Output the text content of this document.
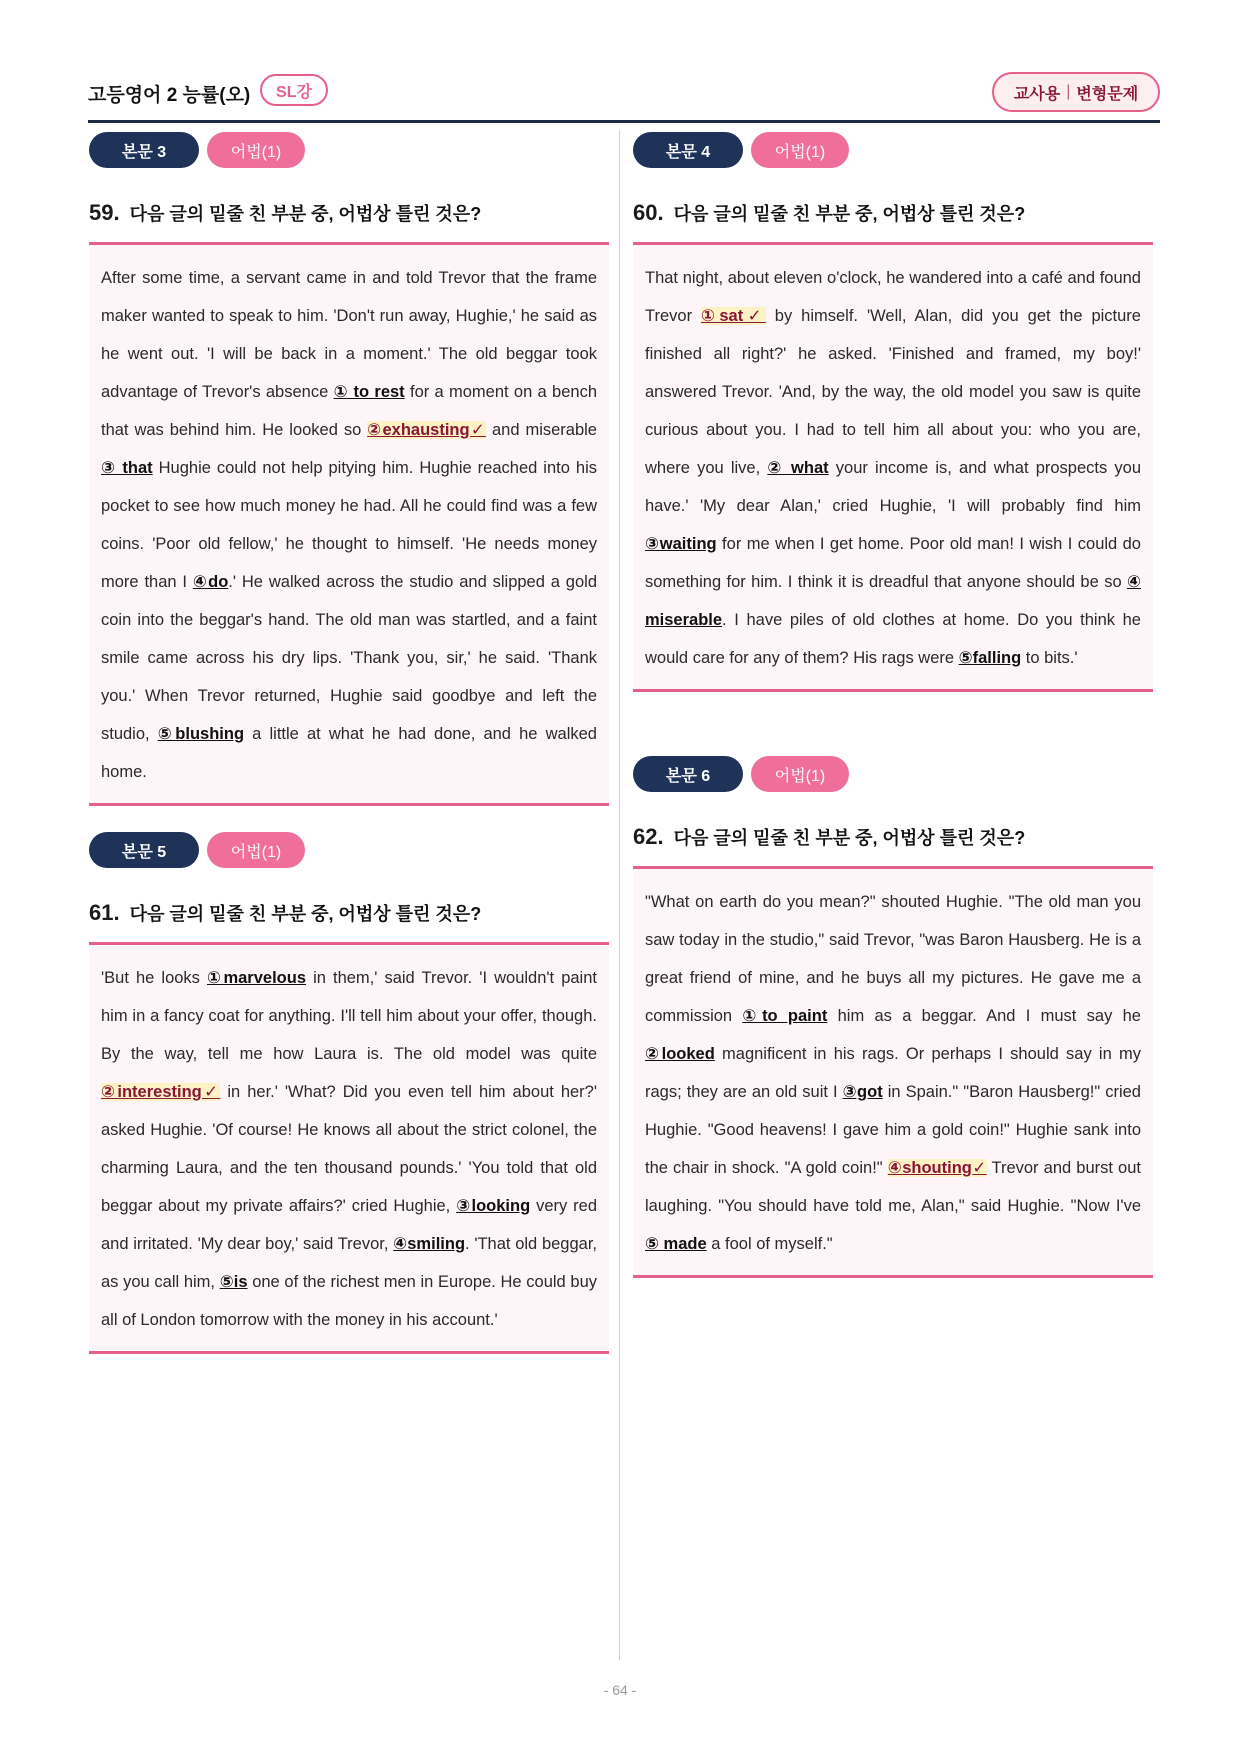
고등영어 2 능률(오)	SL강	교사용 | 변형문제
본문 3	어법(1)
59. 다음 글의 밑줄 친 부분 중, 어법상 틀린 것은?
After some time, a servant came in and told Trevor that the frame maker wanted to speak to him. 'Don't run away, Hughie,' he said as he went out. 'I will be back in a moment.' The old beggar took advantage of Trevor's absence ① to rest for a moment on a bench that was behind him. He looked so ②exhausting✓ and miserable ③ that Hughie could not help pitying him. Hughie reached into his pocket to see how much money he had. All he could find was a few coins. 'Poor old fellow,' he thought to himself. 'He needs money more than I ④do.' He walked across the studio and slipped a gold coin into the beggar's hand. The old man was startled, and a faint smile came across his dry lips. 'Thank you, sir,' he said. 'Thank you.' When Trevor returned, Hughie said goodbye and left the studio, ⑤blushing a little at what he had done, and he walked home.
본문 5	어법(1)
61. 다음 글의 밑줄 친 부분 중, 어법상 틀린 것은?
'But he looks ①marvelous in them,' said Trevor. 'I wouldn't paint him in a fancy coat for anything. I'll tell him about your offer, though. By the way, tell me how Laura is. The old model was quite ②interesting✓ in her.' 'What? Did you even tell him about her?' asked Hughie. 'Of course! He knows all about the strict colonel, the charming Laura, and the ten thousand pounds.' 'You told that old beggar about my private affairs?' cried Hughie, ③looking very red and irritated. 'My dear boy,' said Trevor, ④smiling. 'That old beggar, as you call him, ⑤is one of the richest men in Europe. He could buy all of London tomorrow with the money in his account.'
본문 4	어법(1)
60. 다음 글의 밑줄 친 부분 중, 어법상 틀린 것은?
That night, about eleven o'clock, he wandered into a café and found Trevor ①sat✓ by himself. 'Well, Alan, did you get the picture finished all right?' he asked. 'Finished and framed, my boy!' answered Trevor. 'And, by the way, the old model you saw is quite curious about you. I had to tell him all about you: who you are, where you live, ② what your income is, and what prospects you have.' 'My dear Alan,' cried Hughie, 'I will probably find him ③waiting for me when I get home. Poor old man! I wish I could do something for him. I think it is dreadful that anyone should be so ④ miserable. I have piles of old clothes at home. Do you think he would care for any of them? His rags were ⑤falling to bits.'
본문 6	어법(1)
62. 다음 글의 밑줄 친 부분 중, 어법상 틀린 것은?
"What on earth do you mean?" shouted Hughie. "The old man you saw today in the studio," said Trevor, "was Baron Hausberg. He is a great friend of mine, and he buys all my pictures. He gave me a commission ①to paint him as a beggar. And I must say he ②looked magnificent in his rags. Or perhaps I should say in my rags; they are an old suit I ③got in Spain." "Baron Hausberg!" cried Hughie. "Good heavens! I gave him a gold coin!" Hughie sank into the chair in shock. "A gold coin!" ④shouting✓ Trevor and burst out laughing. "You should have told me, Alan," said Hughie. "Now I've ⑤ made a fool of myself."
- 64 -
